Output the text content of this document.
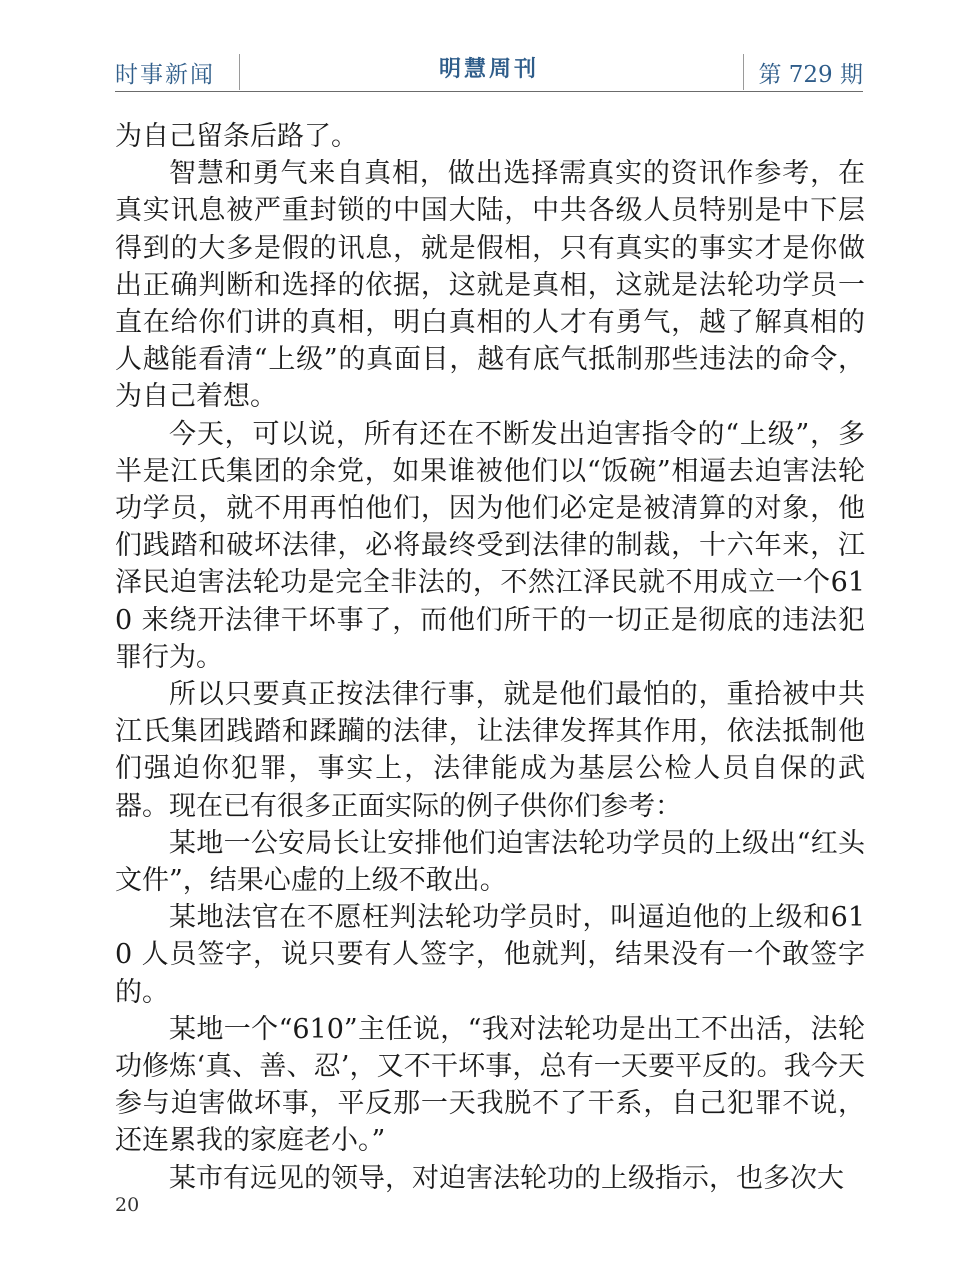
时事新闻	明慧周刊	第 729 期

为自己留条后路了。

智慧和勇气来自真相，做出选择需真实的资讯作参考，在真实讯息被严重封锁的中国大陆，中共各级人员特别是中下层得到的大多是假的讯息，就是假相，只有真实的事实才是你做出正确判断和选择的依据，这就是真相，这就是法轮功学员一直在给你们讲的真相，明白真相的人才有勇气，越了解真相的人越能看清“上级”的真面目，越有底气抵制那些违法的命令，为自己着想。

今天，可以说，所有还在不断发出迫害指令的“上级”，多半是江氏集团的余党，如果谁被他们以“饭碗”相逼去迫害法轮功学员，就不用再怕他们，因为他们必定是被清算的对象，他们践踏和破坏法律，必将最终受到法律的制裁，十六年来，江泽民迫害法轮功是完全非法的，不然江泽民就不用成立一个610 来绕开法律干坏事了，而他们所干的一切正是彻底的违法犯罪行为。

所以只要真正按法律行事，就是他们最怕的，重拾被中共江氏集团践踏和蹂躏的法律，让法律发挥其作用，依法抵制他们强迫你犯罪，事实上，法律能成为基层公检人员自保的武器。现在已有很多正面实际的例子供你们参考：

某地一公安局长让安排他们迫害法轮功学员的上级出“红头文件”，结果心虚的上级不敢出。

某地法官在不愿枉判法轮功学员时，叫逼迫他的上级和610 人员签字，说只要有人签字，他就判，结果没有一个敢签字的。

某地一个“610”主任说，“我对法轮功是出工不出活，法轮功修炼‘真、善、忍’，又不干坏事，总有一天要平反的。我今天参与迫害做坏事，平反那一天我脱不了干系，自己犯罪不说，还连累我的家庭老小。”

某市有远见的领导，对迫害法轮功的上级指示，也多次大

20
